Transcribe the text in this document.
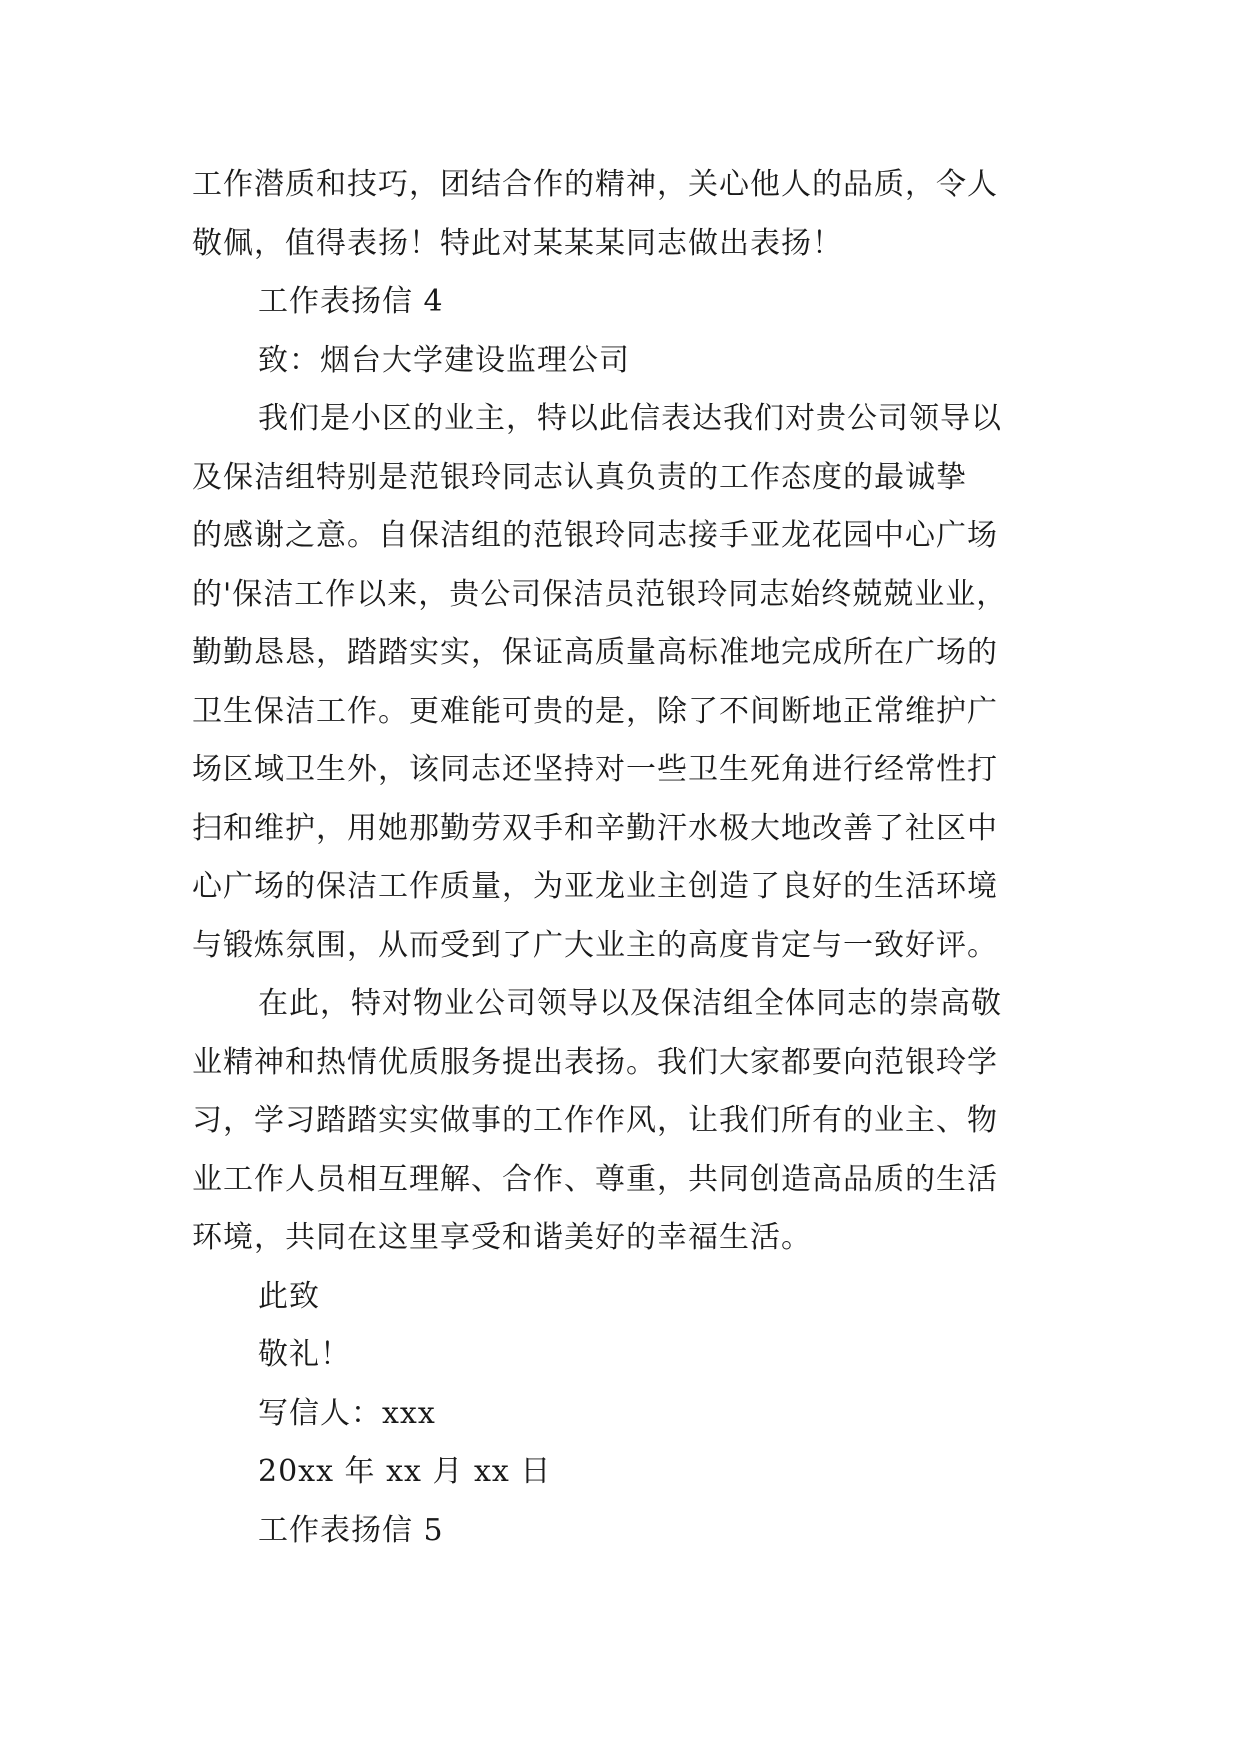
工作潜质和技巧，团结合作的精神，关心他人的品质，令人
敬佩，值得表扬！特此对某某某同志做出表扬！
工作表扬信 4
致：烟台大学建设监理公司
我们是小区的业主，特以此信表达我们对贵公司领导以
及保洁组特别是范银玲同志认真负责的工作态度的最诚挚
的感谢之意。自保洁组的范银玲同志接手亚龙花园中心广场
的'保洁工作以来，贵公司保洁员范银玲同志始终兢兢业业，
勤勤恳恳，踏踏实实，保证高质量高标准地完成所在广场的
卫生保洁工作。更难能可贵的是，除了不间断地正常维护广
场区域卫生外，该同志还坚持对一些卫生死角进行经常性打
扫和维护，用她那勤劳双手和辛勤汗水极大地改善了社区中
心广场的保洁工作质量，为亚龙业主创造了良好的生活环境
与锻炼氛围，从而受到了广大业主的高度肯定与一致好评。
在此，特对物业公司领导以及保洁组全体同志的崇高敬
业精神和热情优质服务提出表扬。我们大家都要向范银玲学
习，学习踏踏实实做事的工作作风，让我们所有的业主、物
业工作人员相互理解、合作、尊重，共同创造高品质的生活
环境，共同在这里享受和谐美好的幸福生活。
此致
敬礼！
写信人：xxx
20xx 年 xx 月 xx 日
工作表扬信 5
